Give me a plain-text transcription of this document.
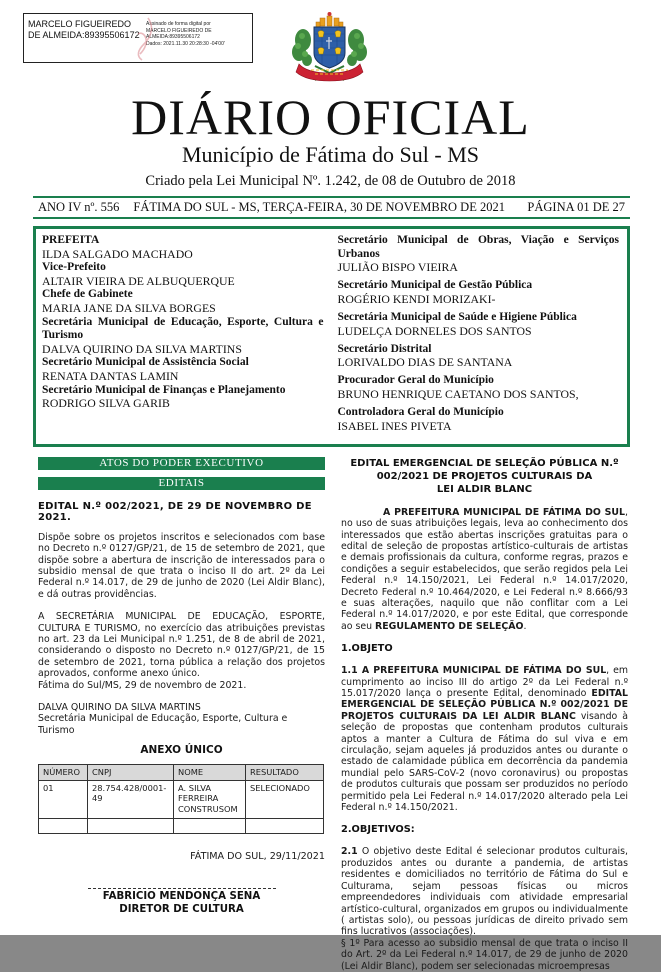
MARCELO FIGUEIREDO DE ALMEIDA:89395506172
Assinado de forma digital por
MARCELO FIGUEIREDO DE
ALMEIDA:89395506172
Dados: 2021.11.30 20:28:30 -04'00'
DIÁRIO OFICIAL
Município de Fátima do Sul - MS
Criado pela Lei Municipal Nº. 1.242, de 08 de Outubro de 2018
ANO IV nº. 556 FÁTIMA DO SUL - MS, TERÇA-FEIRA, 30 DE NOVEMBRO DE 2021	PÁGINA 01 DE 27
PREFEITA
ILDA SALGADO MACHADO
Vice-Prefeito
ALTAIR VIEIRA DE ALBUQUERQUE
Chefe de Gabinete
MARIA JANE DA SILVA BORGES
Secretária Municipal de Educação, Esporte, Cultura e Turismo
DALVA QUIRINO DA SILVA MARTINS
Secretário Municipal de Assistência Social
RENATA DANTAS LAMIN
Secretário Municipal de Finanças e Planejamento
RODRIGO SILVA GARIB
Secretário Municipal de Obras, Viação e Serviços Urbanos
JULIÃO BISPO VIEIRA
Secretário Municipal de Gestão Pública
ROGÉRIO KENDI MORIZAKI-
Secretária Municipal de Saúde e Higiene Pública
LUDELÇA DORNELES DOS SANTOS
Secretário Distrital
LORIVALDO DIAS DE SANTANA
Procurador Geral do Município
BRUNO HENRIQUE CAETANO DOS SANTOS,
Controladora Geral do Município
ISABEL INES PIVETA
ATOS DO PODER EXECUTIVO
EDITAIS
EDITAL N.º 002/2021, DE 29 DE NOVEMBRO DE 2021.
Dispõe sobre os projetos inscritos e selecionados com base no Decreto n.º 0127/GP/21, de 15 de setembro de 2021, que dispõe sobre a abertura de inscrição de interessados para o subsidio mensal de que trata o inciso II do art. 2º da Lei Federal n.º 14.017, de 29 de junho de 2020 (Lei Aldir Blanc), e dá outras providências.
A SECRETÁRIA MUNICIPAL DE EDUCAÇÃO, ESPORTE, CULTURA E TURISMO, no exercício das atribuições previstas no art. 23 da Lei Municipal n.º 1.251, de 8 de abril de 2021, considerando o disposto no Decreto n.º 0127/GP/21, de 15 de setembro de 2021, torna pública a relação dos projetos aprovados, conforme anexo único.
Fátima do Sul/MS, 29 de novembro de 2021.
DALVA QUIRINO DA SILVA MARTINS
Secretária Municipal de Educação, Esporte, Cultura e Turismo
ANEXO ÚNICO
NÚMERO	CNPJ	NOME	RESULTADO
01	28.754.428/0001-49	A. SILVA FERREIRA CONSTRUSOM	SELECIONADO

FÁTIMA DO SUL, 29/11/2021
FABRICIO MENDONÇA SENA
DIRETOR DE CULTURA
EDITAL EMERGENCIAL DE SELEÇÃO PÚBLICA N.º
002/2021 DE PROJETOS CULTURAIS DA
LEI ALDIR BLANC
A PREFEITURA MUNICIPAL DE FÁTIMA DO SUL, no uso de suas atribuições legais, leva ao conhecimento dos interessados que estão abertas inscrições gratuitas para o edital de seleção de propostas artístico-culturais de artistas e demais profissionais da cultura, conforme regras, prazos e condições a seguir estabelecidos, que serão regidos pela Lei Federal n.º 14.150/2021, Lei Federal n.º 14.017/2020, Decreto Federal n.º 10.464/2020, e Lei Federal n.º 8.666/93 e suas alterações, naquilo que não conflitar com a Lei Federal n.º 14.017/2020, e por este Edital, que corresponde ao seu REGULAMENTO DE SELEÇÃO.
1.OBJETO
1.1 A PREFEITURA MUNICIPAL DE FÁTIMA DO SUL, em cumprimento ao inciso III do artigo 2º da Lei Federal n.º 15.017/2020 lança o presente Edital, denominado EDITAL EMERGENCIAL DE SELEÇÃO PÚBLICA N.º 002/2021 DE PROJETOS CULTURAIS DA LEI ALDIR BLANC visando à seleção de propostas que contenham produtos culturais aptos a manter a Cultura de Fátima do sul viva e em circulação, sejam aqueles já produzidos antes ou durante o estado de calamidade pública em decorrência da pandemia mundial pelo SARS-CoV-2 (novo coronavirus) ou propostas de produtos culturais que possam ser produzidos no período permitido pela Lei Federal n.º 14.017/2020 alterado pela Lei Federal n.º 14.150/2021.
2.OBJETIVOS:
2.1 O objetivo deste Edital é selecionar produtos culturais, produzidos antes ou durante a pandemia, de artistas residentes e domiciliados no território de Fátima do Sul e Culturama, sejam pessoas físicas ou micros empreendedores individuais com atividade empresarial artístico-cultural, organizados em grupos ou individualmente ( artistas solo), ou pessoas jurídicas de direito privado sem fins lucrativos (associações).
§ 1º Para acesso ao subsidio mensal de que trata o inciso II do Art. 2º da Lei Federal n.º 14.017, de 29 de junho de 2020 (Lei Aldir Blanc), podem ser selecionadas microempresas
